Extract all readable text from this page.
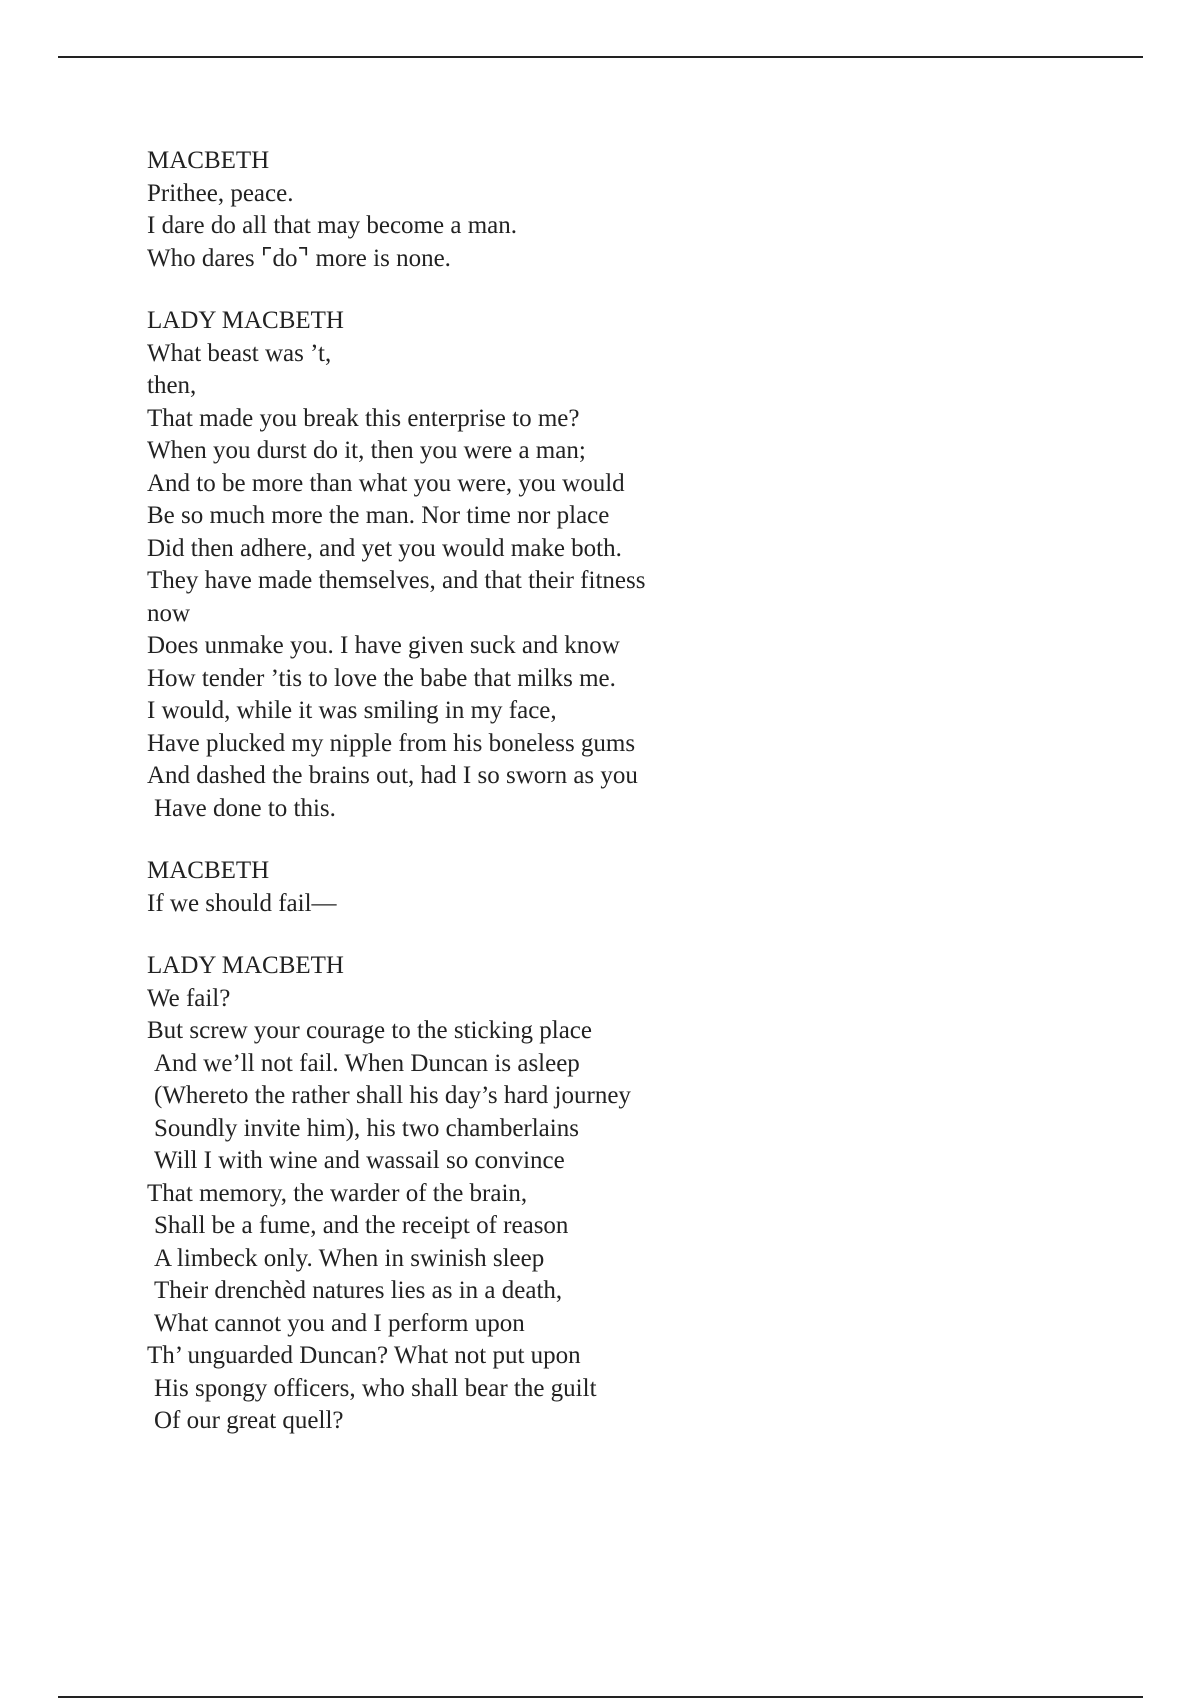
MACBETH
Prithee, peace.
I dare do all that may become a man.
Who dares ⌜do⌝ more is none.
LADY MACBETH
What beast was ’t,
then,
That made you break this enterprise to me?
When you durst do it, then you were a man;
And to be more than what you were, you would
Be so much more the man. Nor time nor place
Did then adhere, and yet you would make both.
They have made themselves, and that their fitness
now
Does unmake you. I have given suck and know
How tender ’tis to love the babe that milks me.
I would, while it was smiling in my face,
Have plucked my nipple from his boneless gums
And dashed the brains out, had I so sworn as you
Have done to this.
MACBETH
If we should fail—
LADY MACBETH
We fail?
But screw your courage to the sticking place
And we’ll not fail. When Duncan is asleep
(Whereto the rather shall his day’s hard journey
Soundly invite him), his two chamberlains
Will I with wine and wassail so convince
That memory, the warder of the brain,
Shall be a fume, and the receipt of reason
A limbeck only. When in swinish sleep
Their drenchèd natures lies as in a death,
What cannot you and I perform upon
Th’ unguarded Duncan? What not put upon
His spongy officers, who shall bear the guilt
Of our great quell?
